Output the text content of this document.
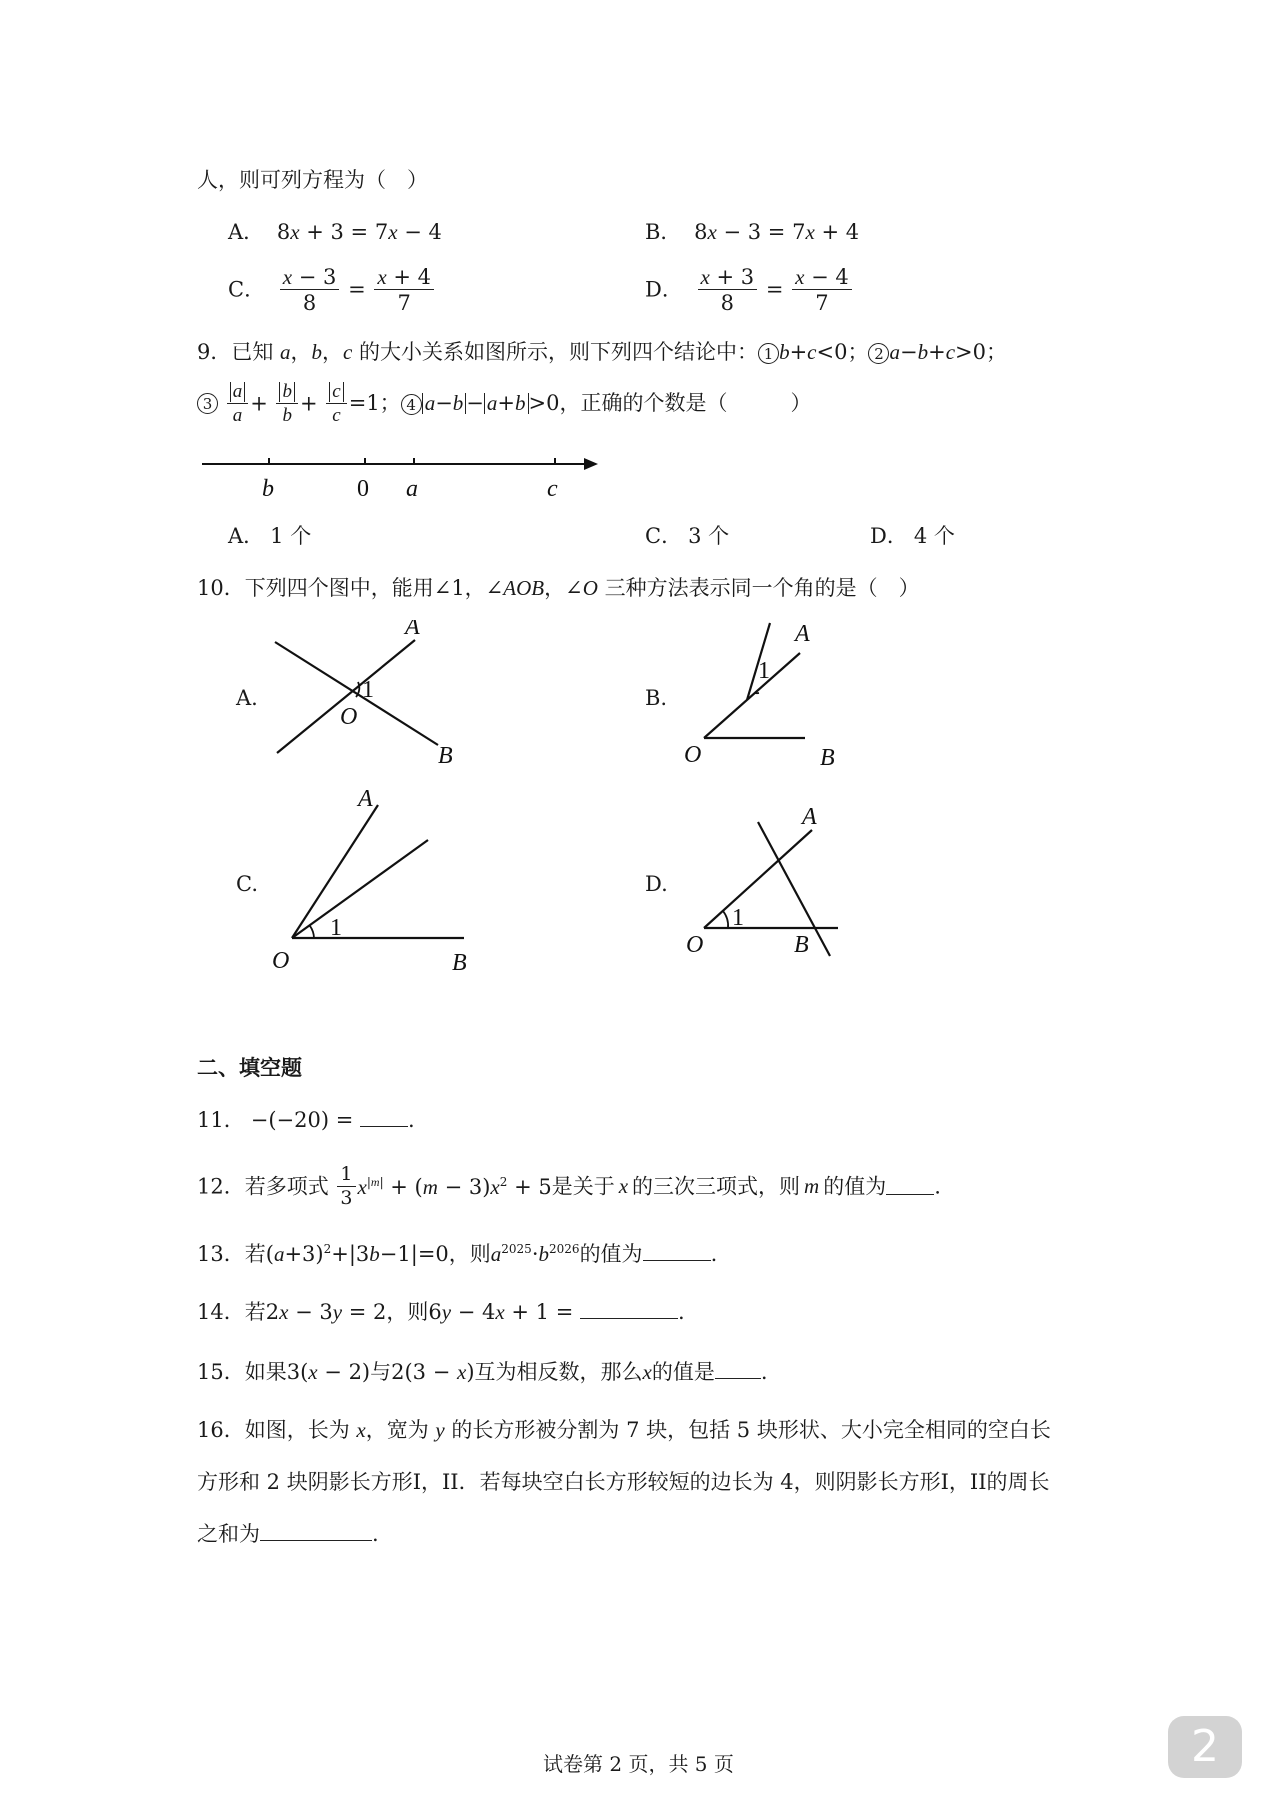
人，则可列方程为（　）
A． 8x + 3 = 7x − 4	B． 8x − 3 = 7x + 4
C． $\frac{x - 3}{8} = \frac{x + 4}{7}$	D． $\frac{x + 3}{8} = \frac{x - 4}{7}$
9．已知 a，b，c 的大小关系如图所示，则下列四个结论中： 1 b+c<0； 2 a−b+c>0；
$3 \frac{a}{a} + \frac{b}{b} + \frac{c}{c} =1$； 4 a−b − a+b >0，正确的个数是（　　　）
b	0 a	c
A． 1 个	C． 3 个	D． 4 个
10．下列四个图中，能用∠1，∠AOB，∠O 三种方法表示同一个角的是（　）
A.
A
B
O
1	B.
A
B
O
1
C.
A
B
O
1
D.
A
B
O
1
二、填空题
11． −(−20) =	.
12．若多项式 $\frac{1}{3} x^{|m|} + (m - 3)x^2 + 5$是关于 x 的三次三项式，则 m 的值为 .
13．若$(a+3)^2+|3b-1|=0$，则$a^{2025}\cdot b^{2026}$的值为	.
14．若2x − 3y = 2，则6y − 4x + 1 =	.
15．如果3(x − 2)与2(3 − x)互为相反数，那么x的值是 .
16．如图，长为 x，宽为 y 的长方形被分割为 7 块，包括 5 块形状、大小完全相同的空白长
方形和 2 块阴影长方形I，II．若每块空白长方形较短的边长为 4，则阴影长方形I，II的周长
之和为	.
试卷第 2 页，共 5 页	2
